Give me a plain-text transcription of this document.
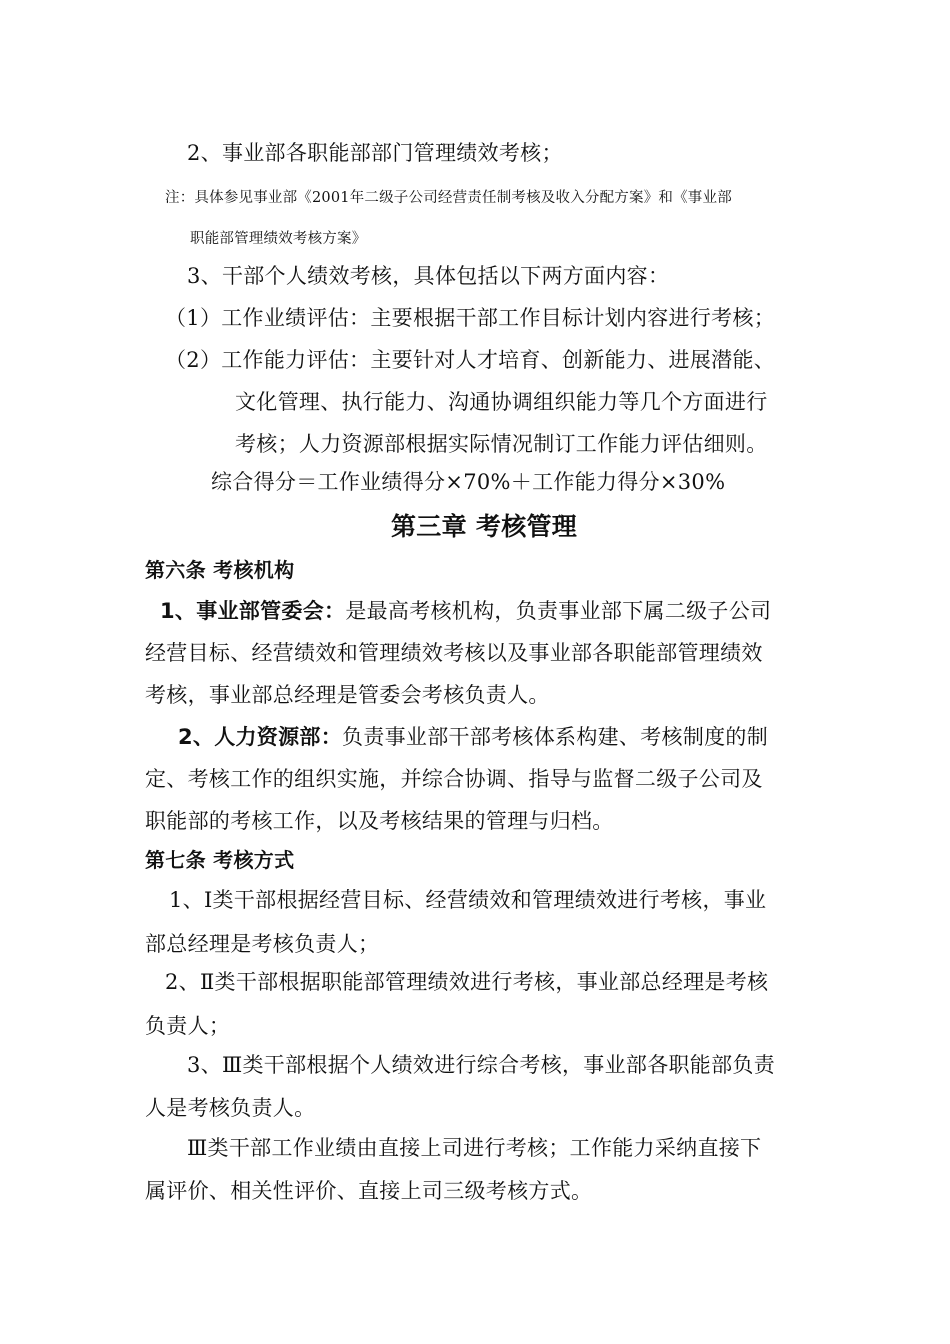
2、事业部各职能部部门管理绩效考核；
注：具体参见事业部《2001年二级子公司经营责任制考核及收入分配方案》和《事业部
职能部管理绩效考核方案》
3、干部个人绩效考核，具体包括以下两方面内容：
（1）工作业绩评估：主要根据干部工作目标计划内容进行考核；
（2）工作能力评估：主要针对人才培育、创新能力、进展潜能、
文化管理、执行能力、沟通协调组织能力等几个方面进行
考核；人力资源部根据实际情况制订工作能力评估细则。
综合得分＝工作业绩得分×70%＋工作能力得分×30%
第三章 考核管理
第六条 考核机构
1、事业部管委会：是最高考核机构，负责事业部下属二级子公司
经营目标、经营绩效和管理绩效考核以及事业部各职能部管理绩效
考核，事业部总经理是管委会考核负责人。
2、人力资源部：负责事业部干部考核体系构建、考核制度的制
定、考核工作的组织实施，并综合协调、指导与监督二级子公司及
职能部的考核工作，以及考核结果的管理与归档。
第七条 考核方式
1、Ⅰ类干部根据经营目标、经营绩效和管理绩效进行考核，事业
部总经理是考核负责人；
2、Ⅱ类干部根据职能部管理绩效进行考核，事业部总经理是考核
负责人；
3、Ⅲ类干部根据个人绩效进行综合考核，事业部各职能部负责
人是考核负责人。
Ⅲ类干部工作业绩由直接上司进行考核；工作能力采纳直接下
属评价、相关性评价、直接上司三级考核方式。
